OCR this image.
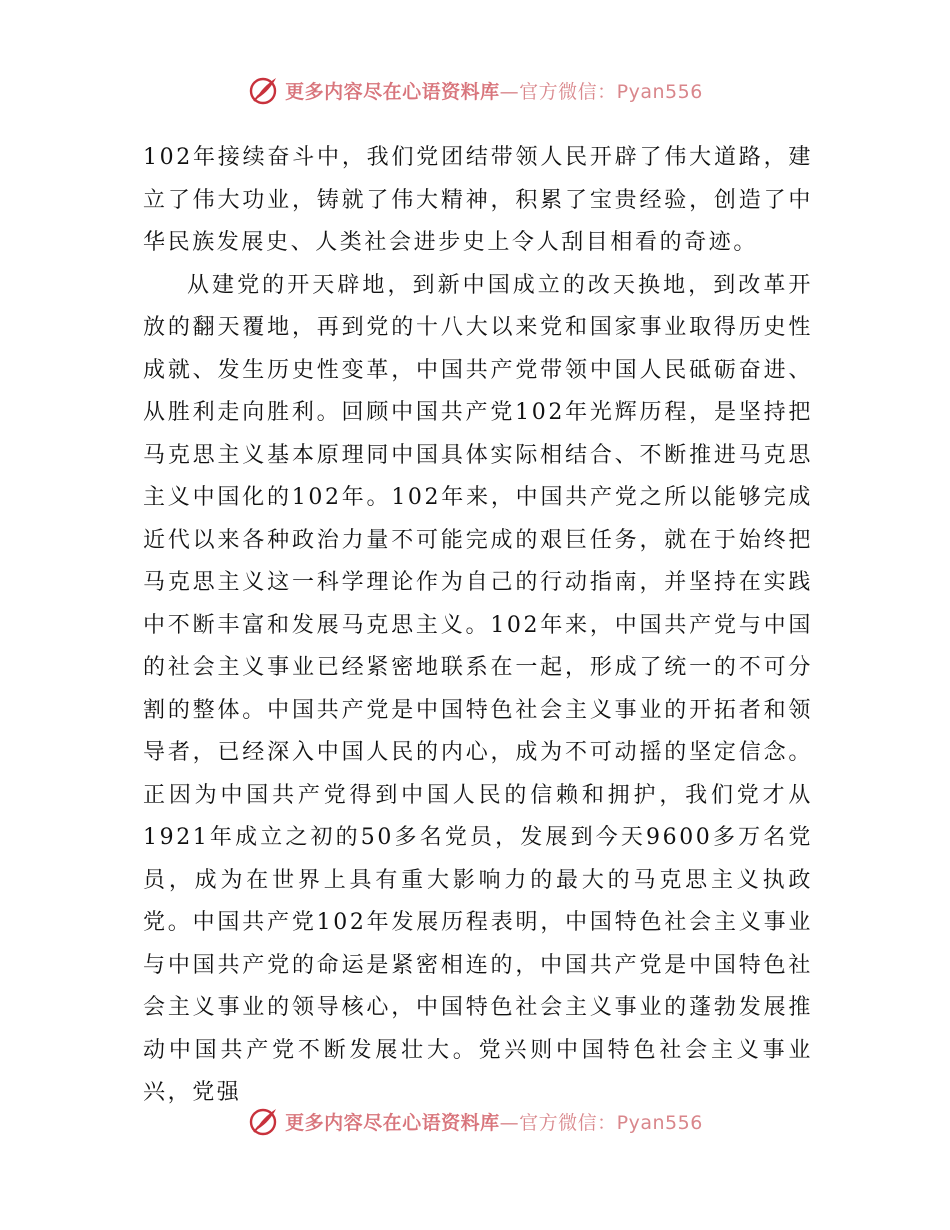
更多内容尽在心语资料库—官方微信：Pyan556

102年接续奋斗中，我们党团结带领人民开辟了伟大道路，建立了伟大功业，铸就了伟大精神，积累了宝贵经验，创造了中华民族发展史、人类社会进步史上令人刮目相看的奇迹。

从建党的开天辟地，到新中国成立的改天换地，到改革开放的翻天覆地，再到党的十八大以来党和国家事业取得历史性成就、发生历史性变革，中国共产党带领中国人民砥砺奋进、从胜利走向胜利。回顾中国共产党102年光辉历程，是坚持把马克思主义基本原理同中国具体实际相结合、不断推进马克思主义中国化的102年。102年来，中国共产党之所以能够完成近代以来各种政治力量不可能完成的艰巨任务，就在于始终把马克思主义这一科学理论作为自己的行动指南，并坚持在实践中不断丰富和发展马克思主义。102年来，中国共产党与中国的社会主义事业已经紧密地联系在一起，形成了统一的不可分割的整体。中国共产党是中国特色社会主义事业的开拓者和领导者，已经深入中国人民的内心，成为不可动摇的坚定信念。正因为中国共产党得到中国人民的信赖和拥护，我们党才从1921年成立之初的50多名党员，发展到今天9600多万名党员，成为在世界上具有重大影响力的最大的马克思主义执政党。中国共产党102年发展历程表明，中国特色社会主义事业与中国共产党的命运是紧密相连的，中国共产党是中国特色社会主义事业的领导核心，中国特色社会主义事业的蓬勃发展推动中国共产党不断发展壮大。党兴则中国特色社会主义事业兴，党强

更多内容尽在心语资料库—官方微信：Pyan556
